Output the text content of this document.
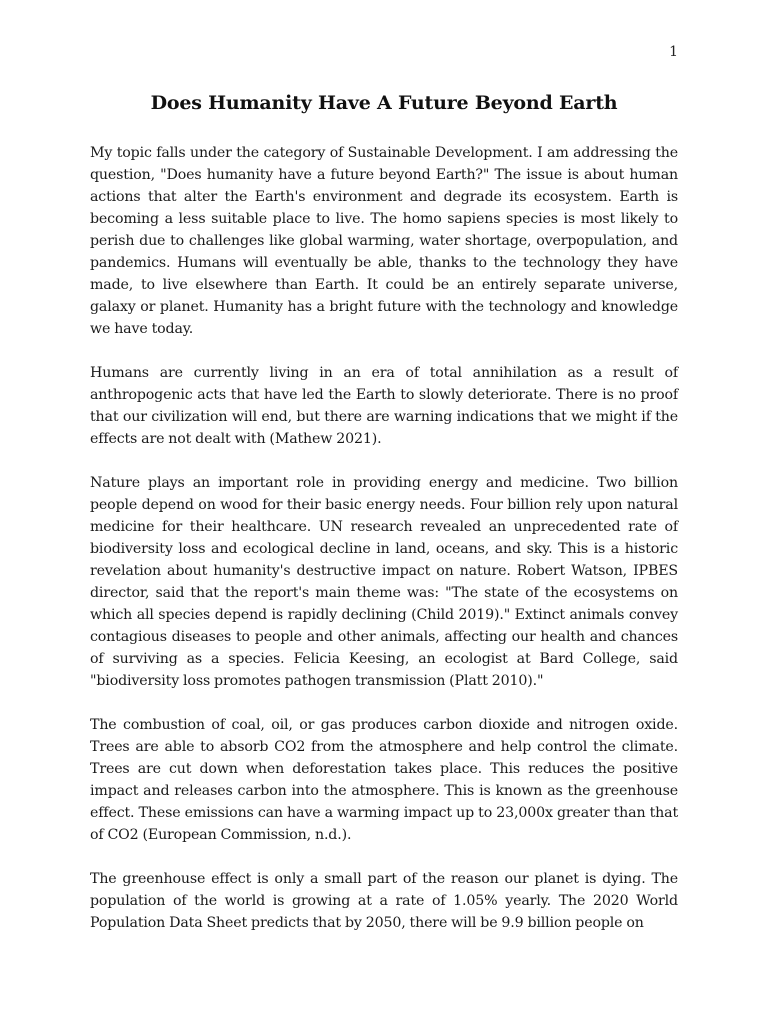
1
Does Humanity Have A Future Beyond Earth

My topic falls under the category of Sustainable Development. I am addressing the question, "Does humanity have a future beyond Earth?" The issue is about human actions that alter the Earth's environment and degrade its ecosystem. Earth is becoming a less suitable place to live. The homo sapiens species is most likely to perish due to challenges like global warming, water shortage, overpopulation, and pandemics. Humans will eventually be able, thanks to the technology they have made, to live elsewhere than Earth. It could be an entirely separate universe, galaxy or planet. Humanity has a bright future with the technology and knowledge we have today.

Humans are currently living in an era of total annihilation as a result of anthropogenic acts that have led the Earth to slowly deteriorate. There is no proof that our civilization will end, but there are warning indications that we might if the effects are not dealt with (Mathew 2021).

Nature plays an important role in providing energy and medicine. Two billion people depend on wood for their basic energy needs. Four billion rely upon natural medicine for their healthcare. UN research revealed an unprecedented rate of biodiversity loss and ecological decline in land, oceans, and sky. This is a historic revelation about humanity's destructive impact on nature. Robert Watson, IPBES director, said that the report's main theme was: "The state of the ecosystems on which all species depend is rapidly declining (Child 2019)." Extinct animals convey contagious diseases to people and other animals, affecting our health and chances of surviving as a species. Felicia Keesing, an ecologist at Bard College, said "biodiversity loss promotes pathogen transmission (Platt 2010)."

The combustion of coal, oil, or gas produces carbon dioxide and nitrogen oxide. Trees are able to absorb CO2 from the atmosphere and help control the climate. Trees are cut down when deforestation takes place. This reduces the positive impact and releases carbon into the atmosphere. This is known as the greenhouse effect. These emissions can have a warming impact up to 23,000x greater than that of CO2 (European Commission, n.d.).

The greenhouse effect is only a small part of the reason our planet is dying. The population of the world is growing at a rate of 1.05% yearly. The 2020 World Population Data Sheet predicts that by 2050, there will be 9.9 billion people on
